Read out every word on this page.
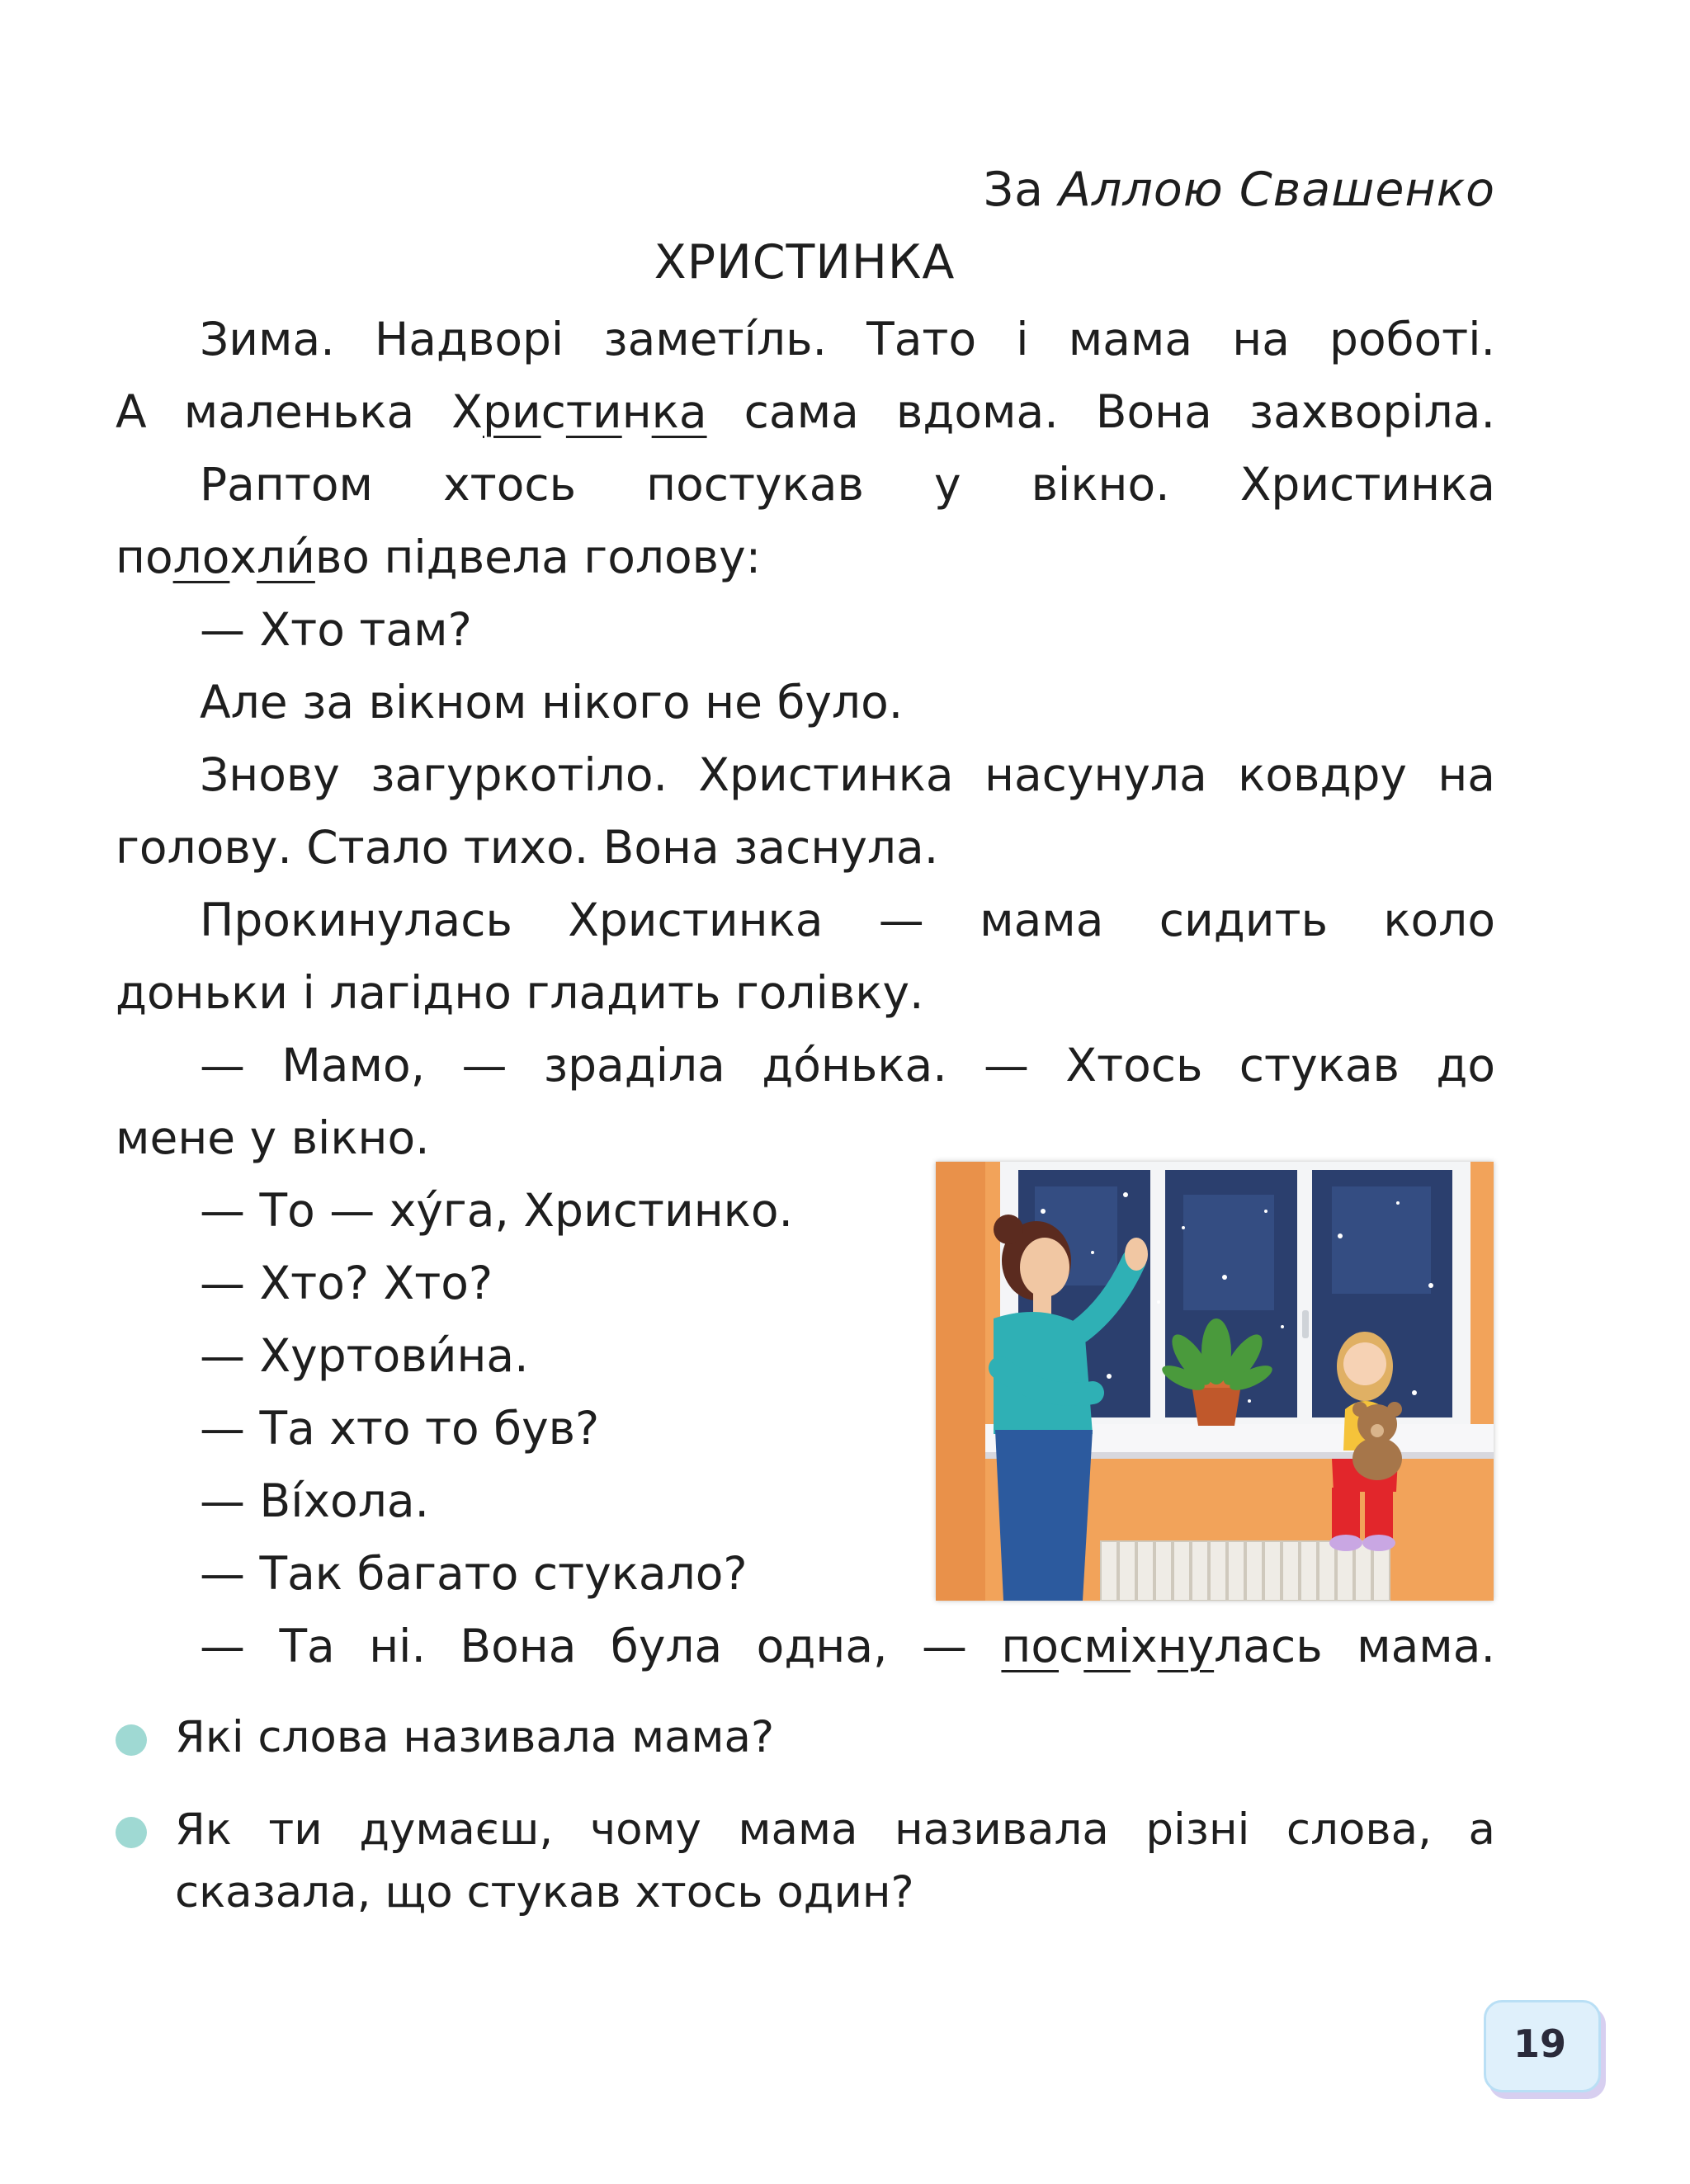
За Аллою Свашенко
ХРИСТИНКА

Зима. Надворі заметі́ль. Тато і мама на роботі.

А маленька Христинка сама вдома. Вона захворіла.

Раптом хтось постукав у вікно. Христинка

полохли́во підвела голову:

— Хто там?

Але за вікном нікого не було.

Знову загуркотіло. Христинка насунула ковдру на

голову. Стало тихо. Вона заснула.

Прокинулась Христинка — мама сидить коло

доньки і лагідно гладить голівку.

— Мамо, — зраділа до́нька. — Хтось стукав до

мене у вікно.

— То — ху́га, Христинко.

— Хто? Хто?

— Хуртови́на.

— Та хто то був?

— Ві́хола.

— Так багато стукало?

— Та ні. Вона була одна, — посміхнулась мама.

Які слова називала мама?
Як ти думаєш, чому мама називала різні слова, а сказала, що стукав хтось один?
19
